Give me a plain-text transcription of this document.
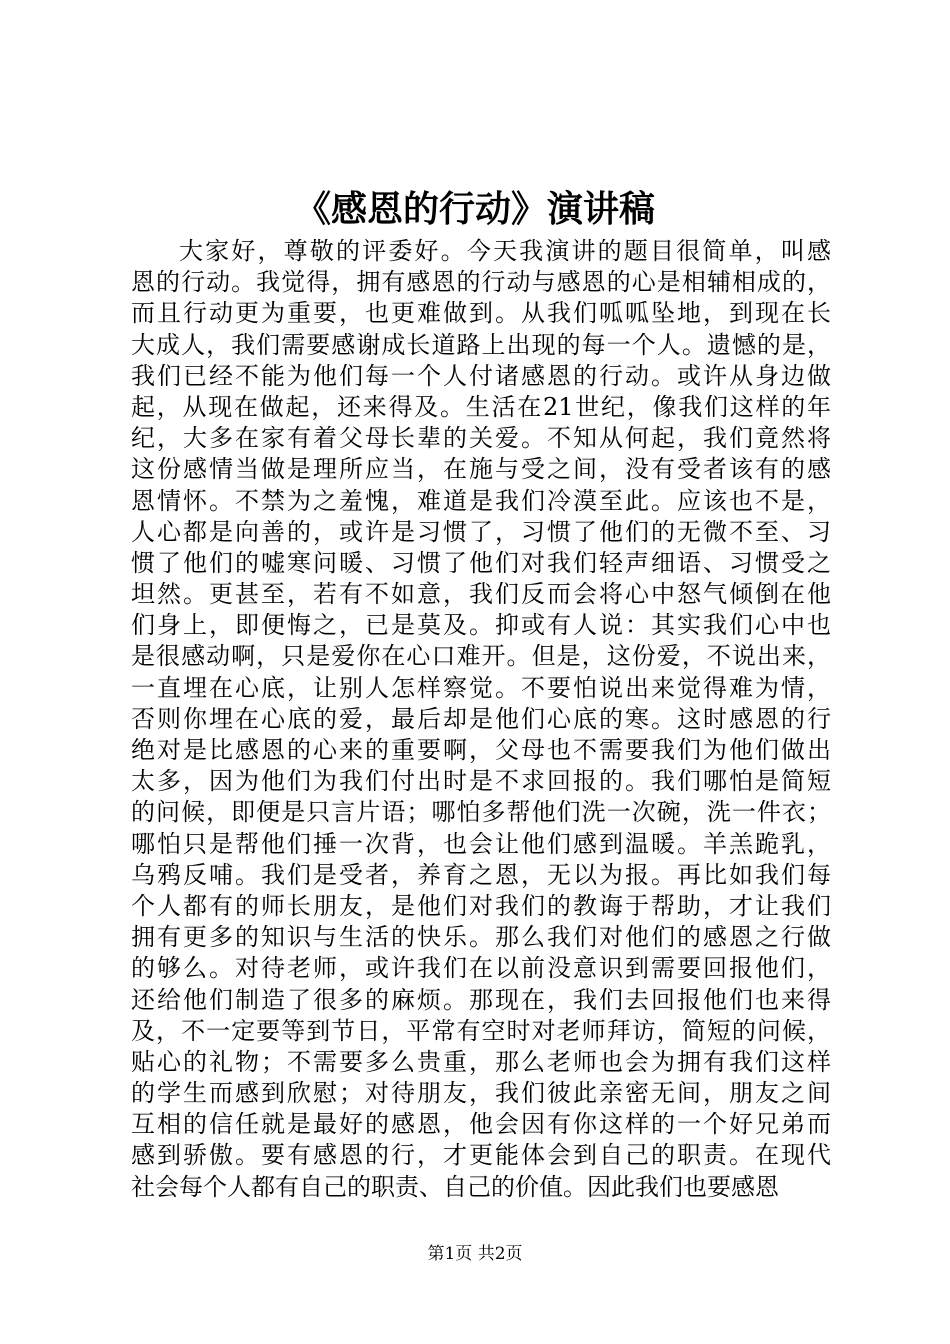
《感恩的行动》演讲稿
大家好，尊敬的评委好。今天我演讲的题目很简单，叫感
恩的行动。我觉得，拥有感恩的行动与感恩的心是相辅相成的，
而且行动更为重要，也更难做到。从我们呱呱坠地，到现在长
大成人，我们需要感谢成长道路上出现的每一个人。遗憾的是，
我们已经不能为他们每一个人付诸感恩的行动。或许从身边做
起，从现在做起，还来得及。生活在21世纪，像我们这样的年
纪，大多在家有着父母长辈的关爱。不知从何起，我们竟然将
这份感情当做是理所应当，在施与受之间，没有受者该有的感
恩情怀。不禁为之羞愧，难道是我们冷漠至此。应该也不是，
人心都是向善的，或许是习惯了，习惯了他们的无微不至、习
惯了他们的嘘寒问暖、习惯了他们对我们轻声细语、习惯受之
坦然。更甚至，若有不如意，我们反而会将心中怒气倾倒在他
们身上，即便悔之，已是莫及。抑或有人说：其实我们心中也
是很感动啊，只是爱你在心口难开。但是，这份爱，不说出来，
一直埋在心底，让别人怎样察觉。不要怕说出来觉得难为情，
否则你埋在心底的爱，最后却是他们心底的寒。这时感恩的行
绝对是比感恩的心来的重要啊，父母也不需要我们为他们做出
太多，因为他们为我们付出时是不求回报的。我们哪怕是简短
的问候，即便是只言片语；哪怕多帮他们洗一次碗，洗一件衣；
哪怕只是帮他们捶一次背，也会让他们感到温暖。羊羔跪乳，
乌鸦反哺。我们是受者，养育之恩，无以为报。再比如我们每
个人都有的师长朋友，是他们对我们的教诲于帮助，才让我们
拥有更多的知识与生活的快乐。那么我们对他们的感恩之行做
的够么。对待老师，或许我们在以前没意识到需要回报他们，
还给他们制造了很多的麻烦。那现在，我们去回报他们也来得
及，不一定要等到节日，平常有空时对老师拜访，简短的问候，
贴心的礼物；不需要多么贵重，那么老师也会为拥有我们这样
的学生而感到欣慰；对待朋友，我们彼此亲密无间，朋友之间
互相的信任就是最好的感恩，他会因有你这样的一个好兄弟而
感到骄傲。要有感恩的行，才更能体会到自己的职责。在现代
社会每个人都有自己的职责、自己的价值。因此我们也要感恩
第1页 共2页
